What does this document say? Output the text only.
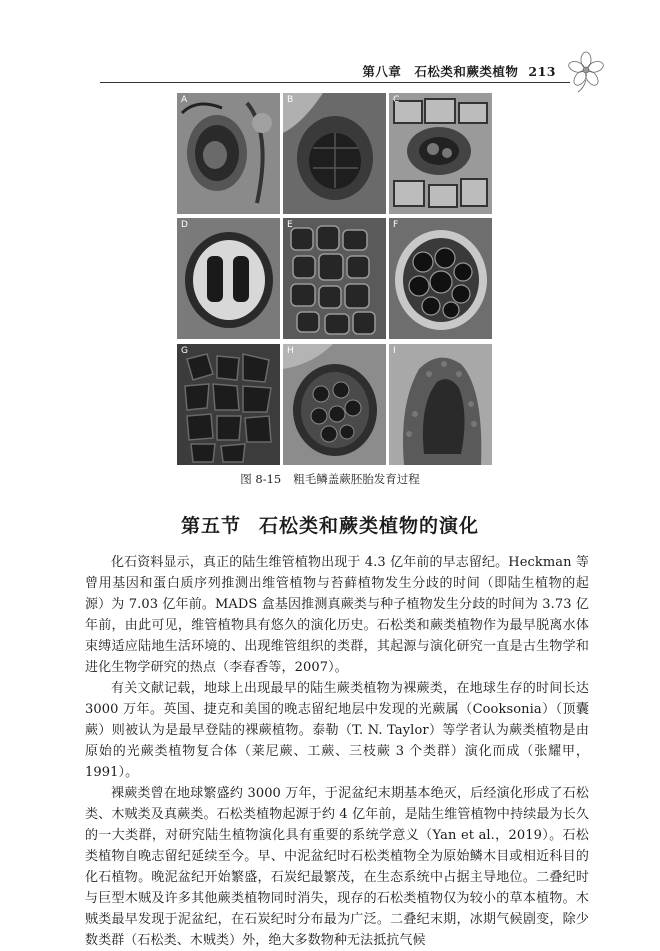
第八章　石松类和蕨类植物 213
A	B	C
D	E	F
G	H	I
图 8-15 粗毛鳞盖蕨胚胎发育过程
第五节 石松类和蕨类植物的演化

化石资料显示，真正的陆生维管植物出现于 4.3 亿年前的早志留纪。Heckman 等曾用基因和蛋白质序列推测出维管植物与苔藓植物发生分歧的时间（即陆生植物的起源）为 7.03 亿年前。MADS 盒基因推测真蕨类与种子植物发生分歧的时间为 3.73 亿年前，由此可见，维管植物具有悠久的演化历史。石松类和蕨类植物作为最早脱离水体束缚适应陆地生活环境的、出现维管组织的类群，其起源与演化研究一直是古生物学和进化生物学研究的热点（李春香等，2007）。

有关文献记载，地球上出现最早的陆生蕨类植物为裸蕨类，在地球生存的时间长达 3000 万年。英国、捷克和美国的晚志留纪地层中发现的光蕨属（Cooksonia）（顶囊蕨）则被认为是最早登陆的裸蕨植物。泰勒（T. N. Taylor）等学者认为蕨类植物是由原始的光蕨类植物复合体（莱尼蕨、工蕨、三枝蕨 3 个类群）演化而成（张耀甲，1991）。

裸蕨类曾在地球繁盛约 3000 万年，于泥盆纪末期基本绝灭，后经演化形成了石松类、木贼类及真蕨类。石松类植物起源于约 4 亿年前，是陆生维管植物中持续最为长久的一大类群，对研究陆生植物演化具有重要的系统学意义（Yan et al.，2019）。石松类植物自晚志留纪延续至今。早、中泥盆纪时石松类植物全为原始鳞木目或相近科目的化石植物。晚泥盆纪开始繁盛，石炭纪最繁茂，在生态系统中占据主导地位。二叠纪时与巨型木贼及许多其他蕨类植物同时消失，现存的石松类植物仅为较小的草本植物。木贼类最早发现于泥盆纪，在石炭纪时分布最为广泛。二叠纪末期，冰期气候剧变，除少数类群（石松类、木贼类）外，绝大多数物种无法抵抗气候
